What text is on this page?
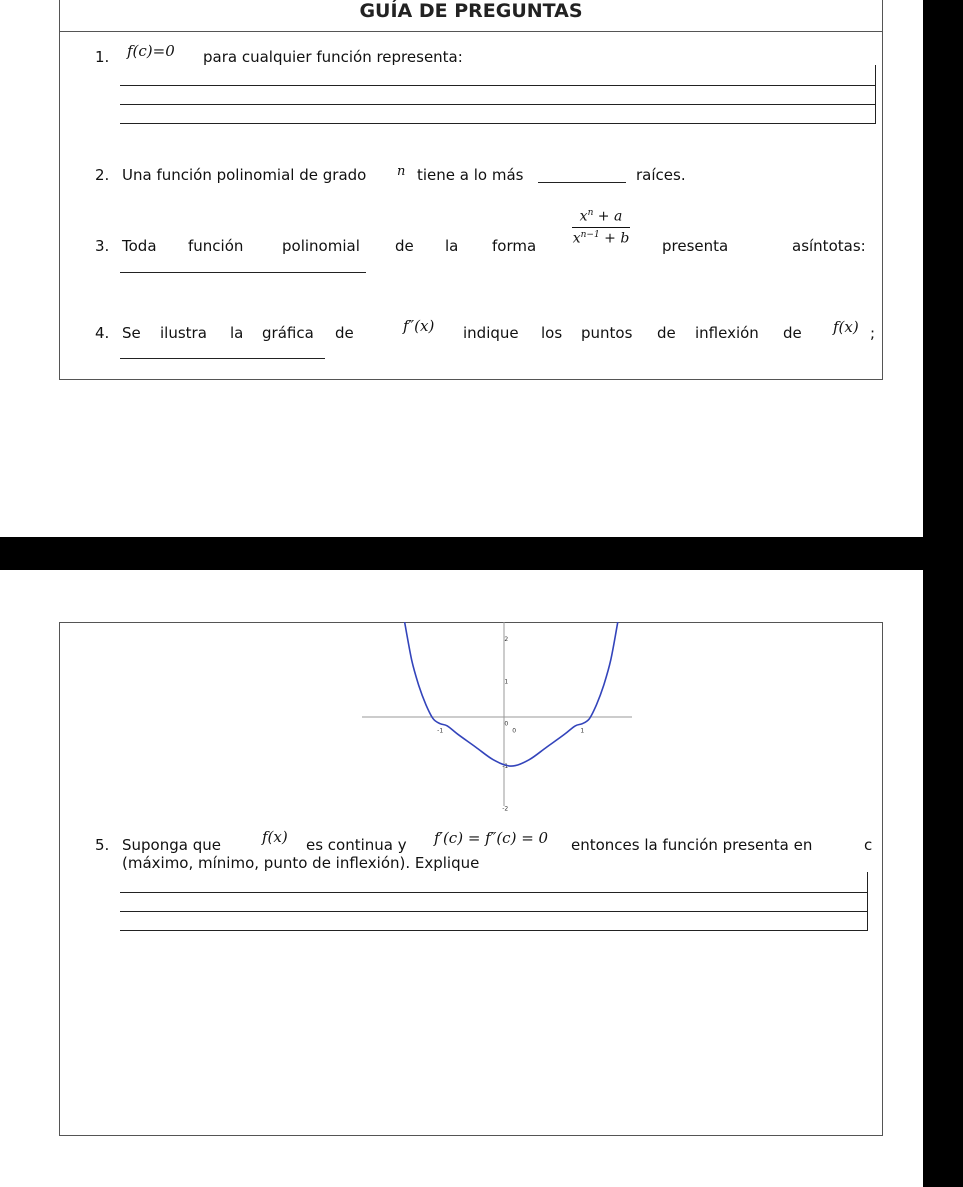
GUÍA DE PREGUNTAS
1. f(c)=0 para cualquier función representa:
2. Una función polinomial de grado n tiene a lo más	raíces.
3. Toda función	polinomial de la forma
$x^n + a$
$x^{n-1} + b$ presenta	asíntotas:
4. Se ilustra la gráfica de	f″(x) indique los puntos de inflexión de f(x) ;
2
1
0
-1
-2
-1	0	1
5. Suponga que	f(x) es continua y f′(c) = f″(c) = 0 entonces la función presenta en	c
(máximo, mínimo, punto de inflexión). Explique
